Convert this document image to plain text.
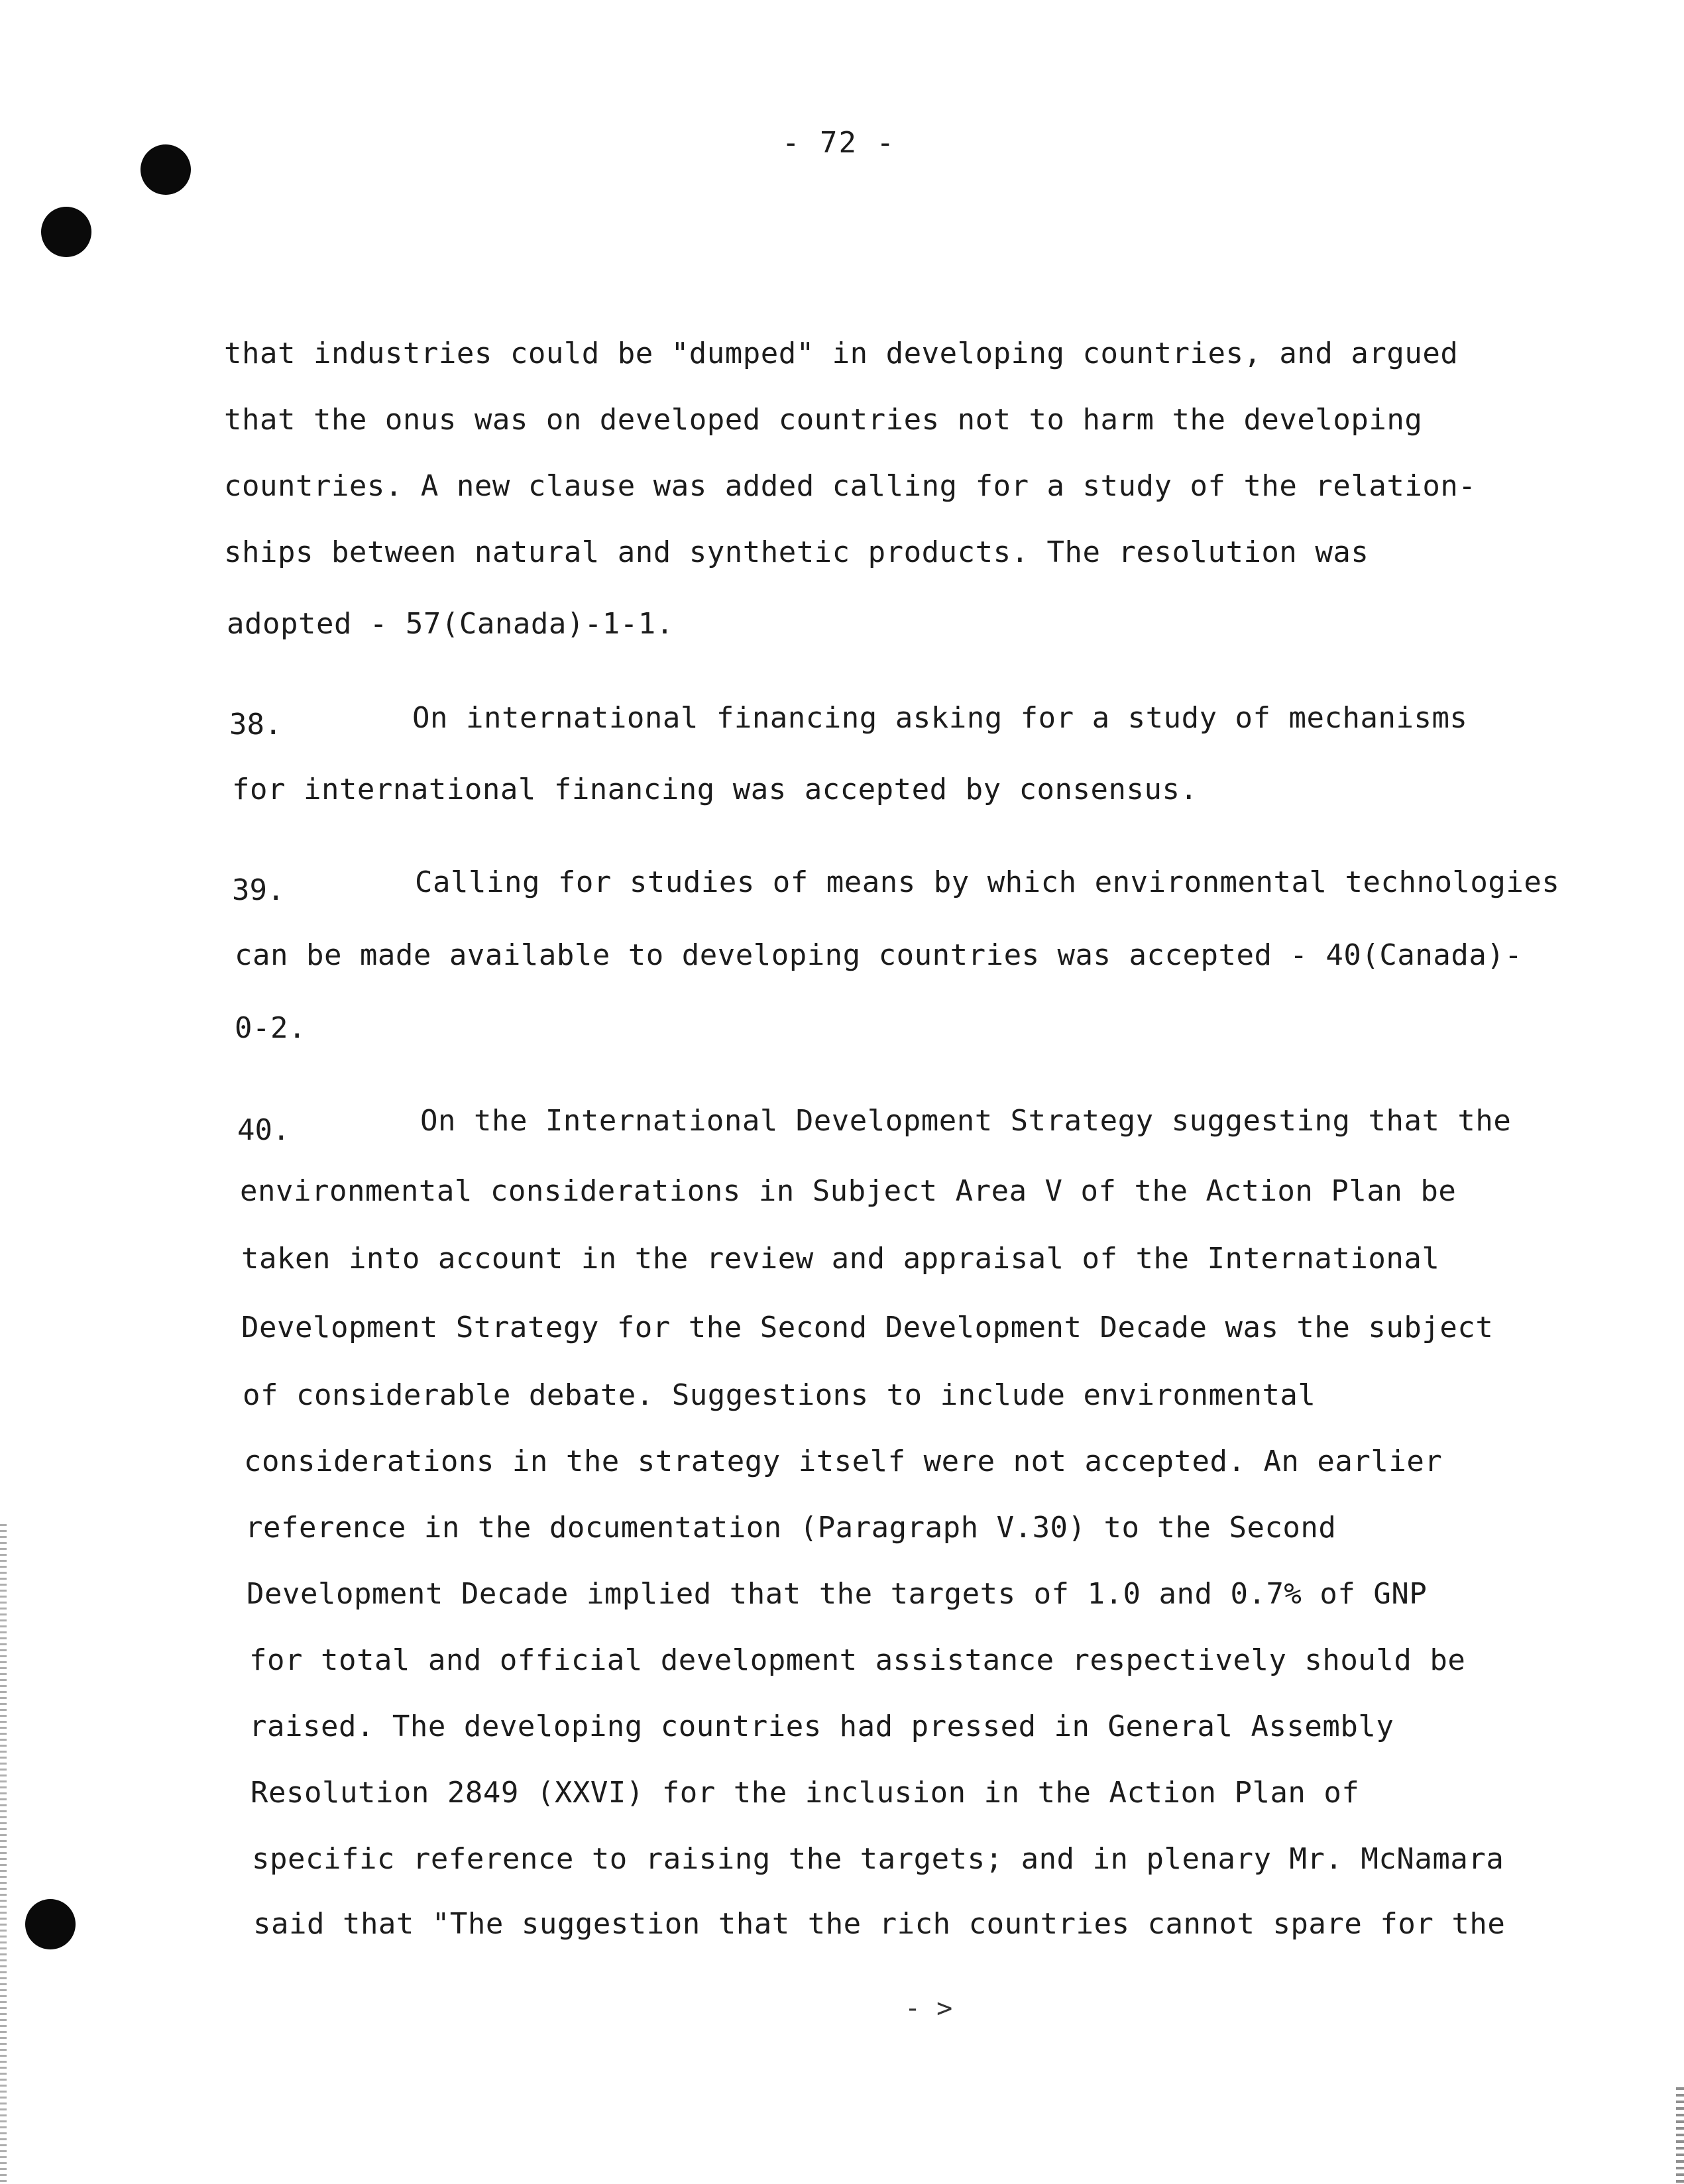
- 72 -
that industries could be "dumped" in developing countries, and argued
that the onus was on developed countries not to harm the developing
countries. A new clause was added calling for a study of the relation-
ships between natural and synthetic products. The resolution was
adopted - 57(Canada)-1-1.
38.	On international financing asking for a study of mechanisms
for international financing was accepted by consensus.
39.	Calling for studies of means by which environmental technologies
can be made available to developing countries was accepted - 40(Canada)-
0-2.
40.	On the International Development Strategy suggesting that the
environmental considerations in Subject Area V of the Action Plan be
taken into account in the review and appraisal of the International
Development Strategy for the Second Development Decade was the subject
of considerable debate. Suggestions to include environmental
considerations in the strategy itself were not accepted. An earlier
reference in the documentation (Paragraph V.30) to the Second
Development Decade implied that the targets of 1.0 and 0.7% of GNP
for total and official development assistance respectively should be
raised. The developing countries had pressed in General Assembly
Resolution 2849 (XXVI) for the inclusion in the Action Plan of
specific reference to raising the targets; and in plenary Mr. McNamara
said that "The suggestion that the rich countries cannot spare for the
- >
